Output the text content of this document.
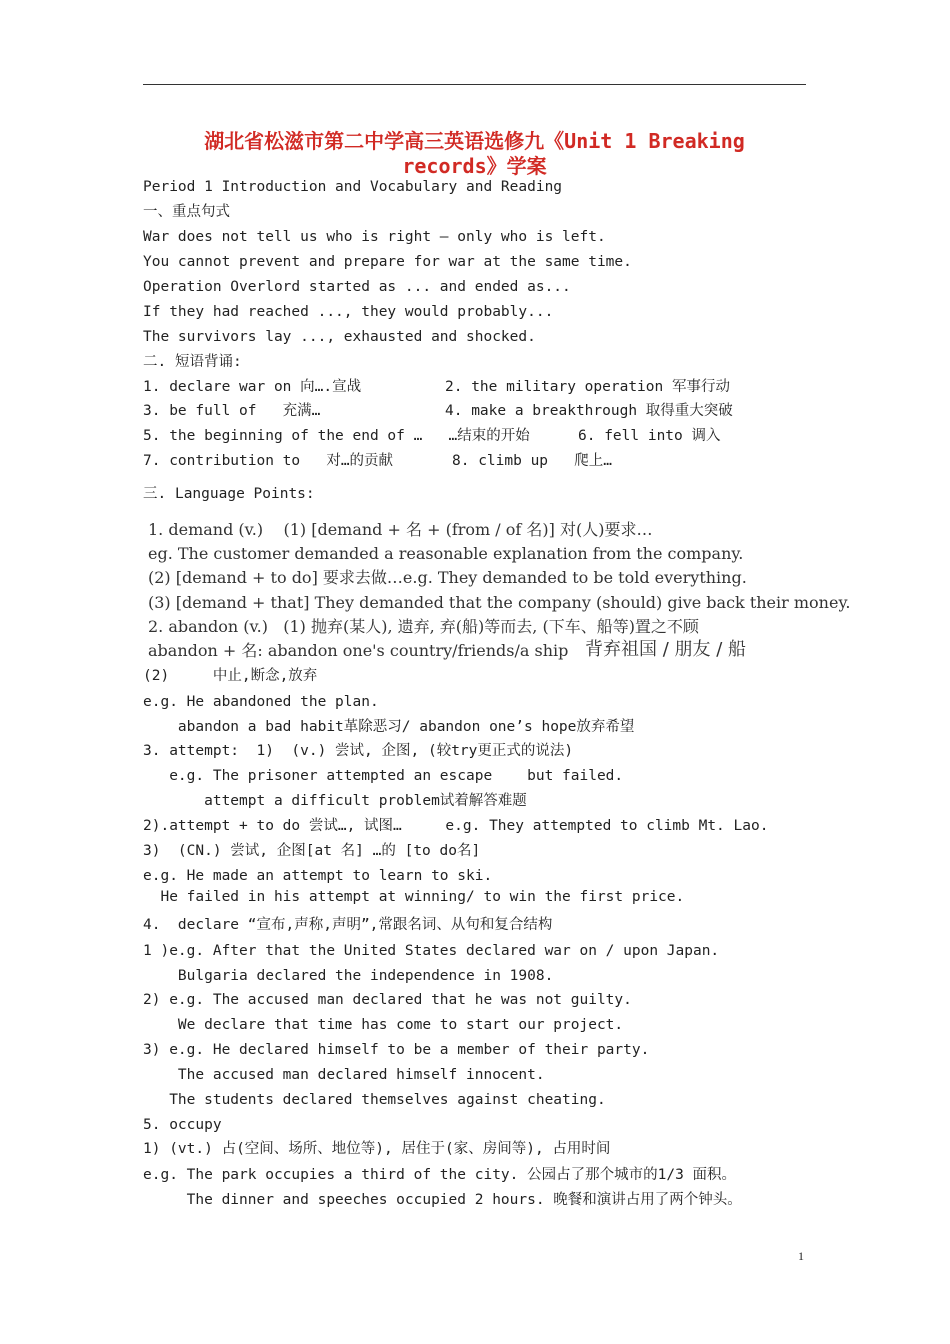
湖北省松滋市第二中学高三英语选修九《Unit 1 Breaking
records》学案
Period 1 Introduction and Vocabulary and Reading
一、重点句式
War does not tell us who is right — only who is left.
You cannot prevent and prepare for war at the same time.
Operation Overlord started as ... and ended as...
If they had reached ..., they would probably...
The survivors lay ..., exhausted and shocked.
二. 短语背诵:
1. declare war on 向….宣战	2. the military operation 军事行动
3. be full of   充满…	4. make a breakthrough 取得重大突破
5. the beginning of the end of …   …结束的开始	6. fell into 调入
7. contribution to   对…的贡献	8. climb up   爬上…
三. Language Points:
1. demand (v.)    (1) [demand + 名 + (from / of 名)] 对(人)要求…
eg. The customer demanded a reasonable explanation from the company.
(2) [demand + to do] 要求去做…e.g. They demanded to be told everything.
(3) [demand + that] They demanded that the company (should) give back their money.
2. abandon (v.)   (1) 抛弃(某人), 遗弃, 弃(船)等而去, (下车、船等)置之不顾
abandon + 名: abandon one's country/friends/a ship 背弃祖国 / 朋友 / 船
(2)     中止,断念,放弃
e.g. He abandoned the plan.
abandon a bad habit革除恶习/ abandon one’s hope放弃希望
3. attempt:  1)  (v.) 尝试, 企图, (较try更正式的说法)
e.g. The prisoner attempted an escape    but failed.
attempt a difficult problem试着解答难题
2).attempt + to do 尝试…, 试图…     e.g. They attempted to climb Mt. Lao.
3)  (CN.) 尝试, 企图[at 名] …的 [to do名]
e.g. He made an attempt to learn to ski.
He failed in his attempt at winning/ to win the first price.
4.  declare “宣布,声称,声明”,常跟名词、从句和复合结构
1 )e.g. After that the United States declared war on / upon Japan.
Bulgaria declared the independence in 1908.
2) e.g. The accused man declared that he was not guilty.
We declare that time has come to start our project.
3) e.g. He declared himself to be a member of their party.
The accused man declared himself innocent.
The students declared themselves against cheating.
5. occupy
1) (vt.) 占(空间、场所、地位等), 居住于(家、房间等), 占用时间
e.g. The park occupies a third of the city. 公园占了那个城市的1/3 面积。
The dinner and speeches occupied 2 hours. 晚餐和演讲占用了两个钟头。
1
